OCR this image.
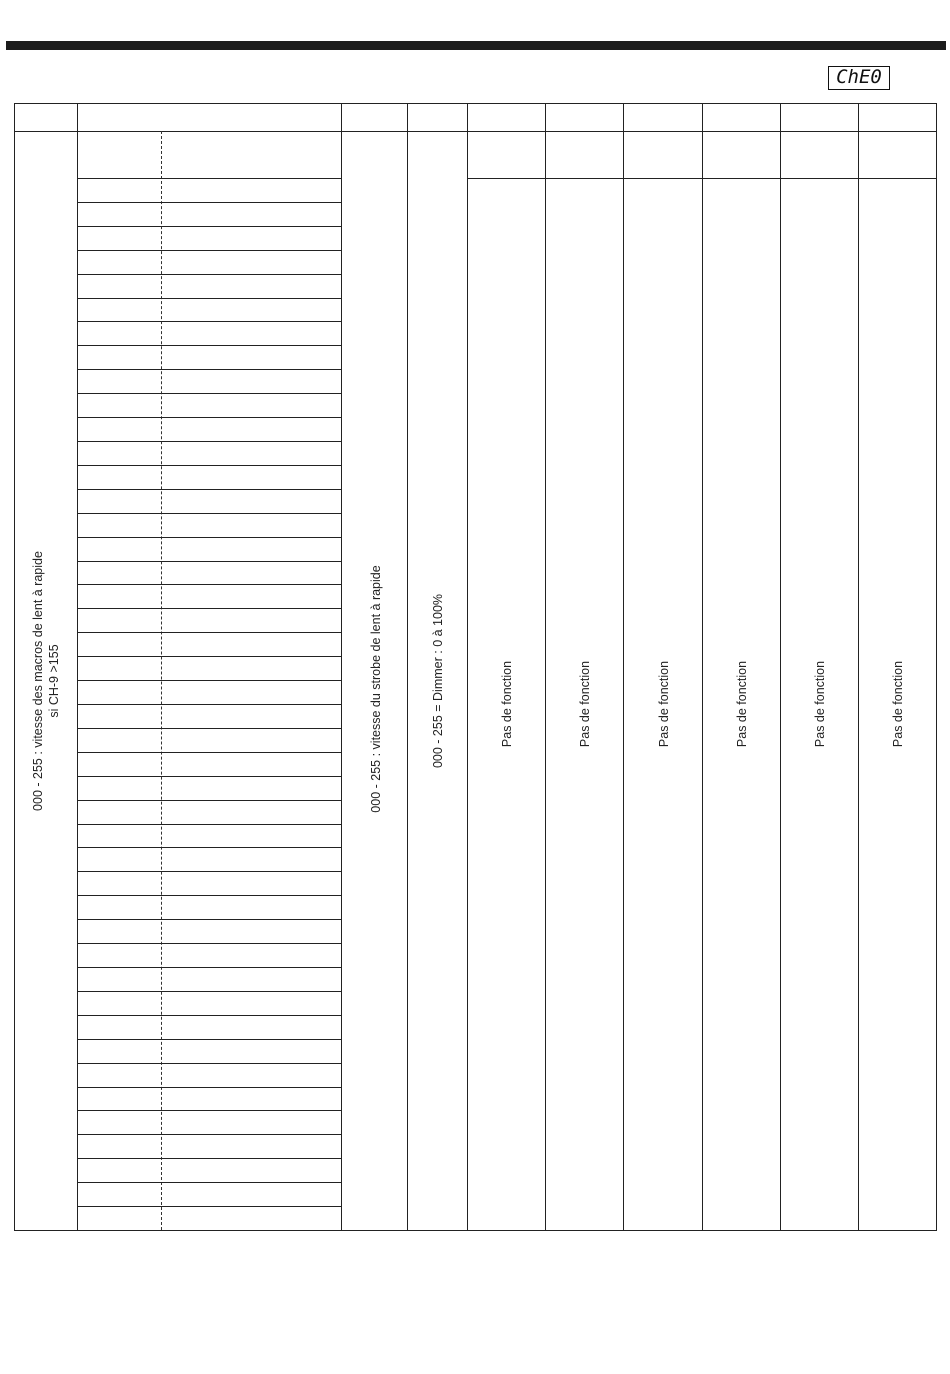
ChE0
000 - 255 : vitesse des macros de lent à rapide si CH-9 >155	000 - 255 : vitesse du strobe de lent à rapide	000 - 255 = Dimmer : 0 à 100%	Pas de fonction	Pas de fonction	Pas de fonction	Pas de fonction	Pas de fonction	Pas de fonction
